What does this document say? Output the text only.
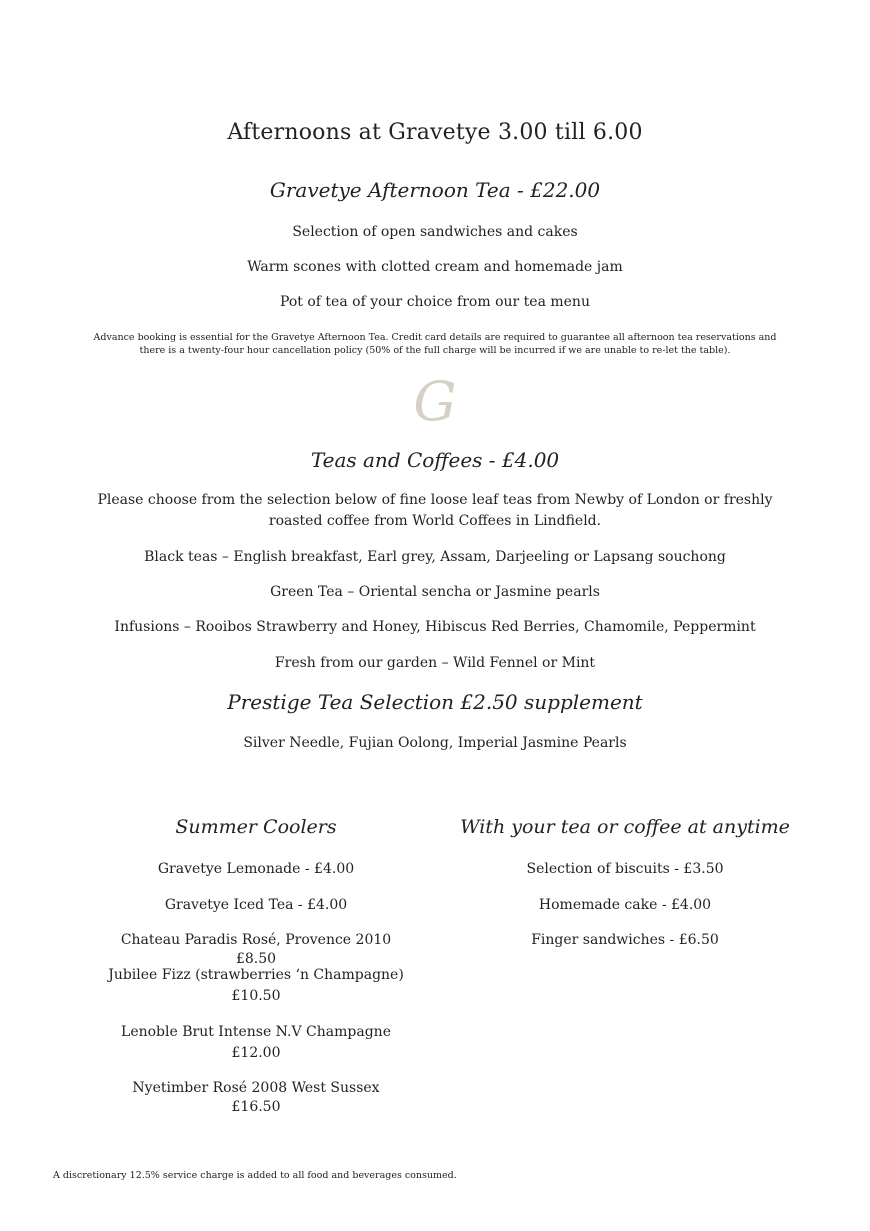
Afternoons at Gravetye 3.00 till 6.00
Gravetye Afternoon Tea - £22.00

Selection of open sandwiches and cakes

Warm scones with clotted cream and homemade jam

Pot of tea of your choice from our tea menu

Advance booking is essential for the Gravetye Afternoon Tea. Credit card details are required to guarantee all afternoon tea reservations and

there is a twenty-four hour cancellation policy (50% of the full charge will be incurred if we are unable to re-let the table).

G
Teas and Coffees - £4.00

Please choose from the selection below of fine loose leaf teas from Newby of London or freshly

roasted coffee from World Coffees in Lindfield.

Black teas – English breakfast, Earl grey, Assam, Darjeeling or Lapsang souchong

Green Tea – Oriental sencha or Jasmine pearls

Infusions – Rooibos Strawberry and Honey, Hibiscus Red Berries, Chamomile, Peppermint

Fresh from our garden – Wild Fennel or Mint

Prestige Tea Selection £2.50 supplement

Silver Needle, Fujian Oolong, Imperial Jasmine Pearls

Summer Coolers
Gravetye Lemonade - £4.00
Gravetye Iced Tea - £4.00
Chateau Paradis Rosé, Provence 2010 £8.50
Jubilee Fizz (strawberries ‘n Champagne)
£10.50
Lenoble Brut Intense N.V Champagne
£12.00
Nyetimber Rosé 2008 West Sussex
£16.50
With your tea or coffee at anytime
Selection of biscuits - £3.50
Homemade cake - £4.00
Finger sandwiches - £6.50
A discretionary 12.5% service charge is added to all food and beverages consumed.
